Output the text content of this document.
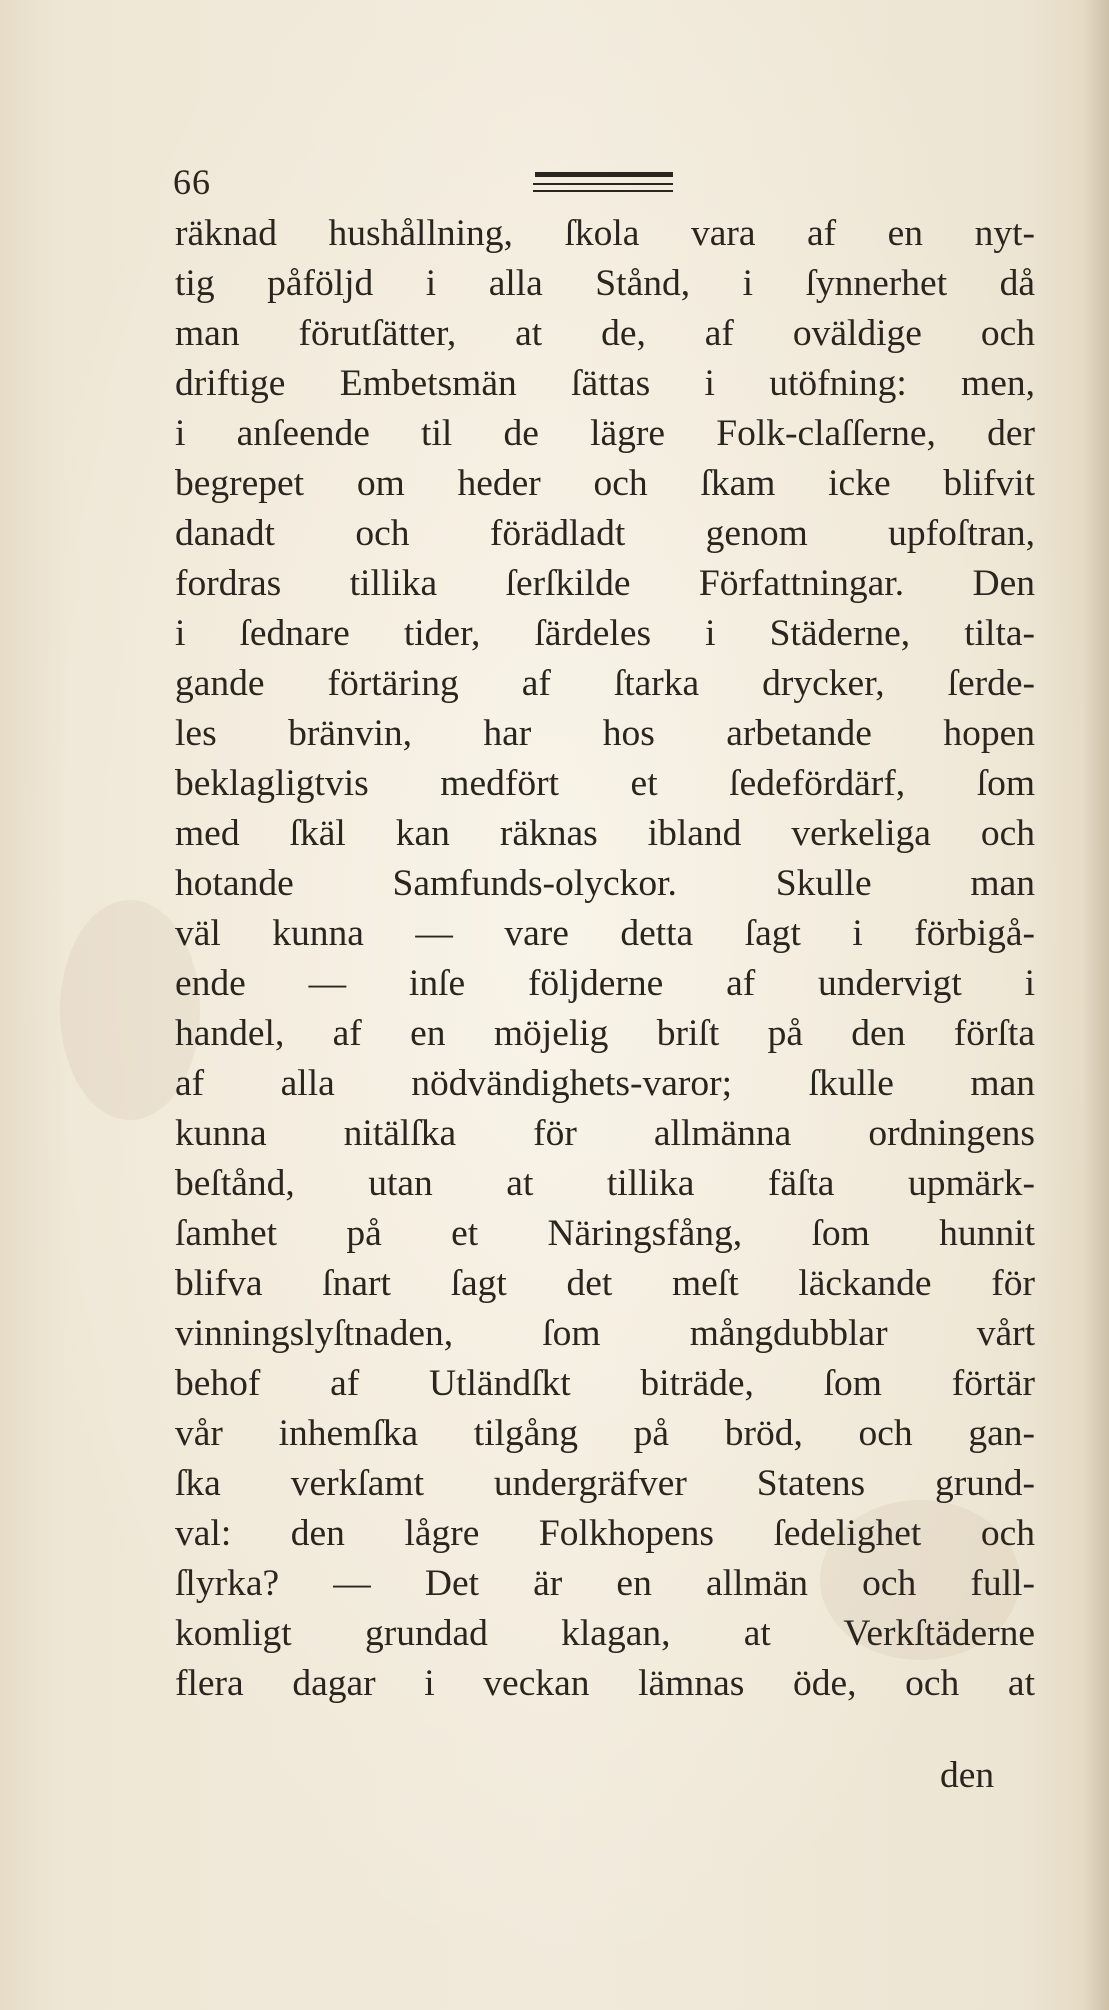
66
räknad hushållning, ſkola vara af en nyt-
tig påföljd i alla Stånd, i ſynnerhet då
man förutſätter, at de, af oväldige och
driftige Embetsmän ſättas i utöfning: men,
i anſeende til de lägre Folk-claſſerne, der
begrepet om heder och ſkam icke blifvit
danadt och förädladt genom upfoſtran,
fordras tillika ſerſkilde Författningar. Den
i ſednare tider, ſärdeles i Städerne, tilta-
gande förtäring af ſtarka drycker, ſerde-
les bränvin, har hos arbetande hopen
beklagligtvis medfört et ſedefördärf, ſom
med ſkäl kan räknas ibland verkeliga och
hotande Samfunds-olyckor. Skulle man
väl kunna — vare detta ſagt i förbigå-
ende — inſe följderne af undervigt i
handel, af en möjelig briſt på den förſta
af alla nödvändighets-varor; ſkulle man
kunna nitälſka för allmänna ordningens
beſtånd, utan at tillika fäſta upmärk-
ſamhet på et Näringsfång, ſom hunnit
blifva ſnart ſagt det meſt läckande för
vinningslyſtnaden, ſom mångdubblar vårt
behof af Utländſkt biträde, ſom förtär
vår inhemſka tilgång på bröd, och gan-
ſka verkſamt undergräfver Statens grund-
val: den lågre Folkhopens ſedelighet och
ſlyrka? — Det är en allmän och full-
komligt grundad klagan, at Verkſtäderne
flera dagar i veckan lämnas öde, och at
den
